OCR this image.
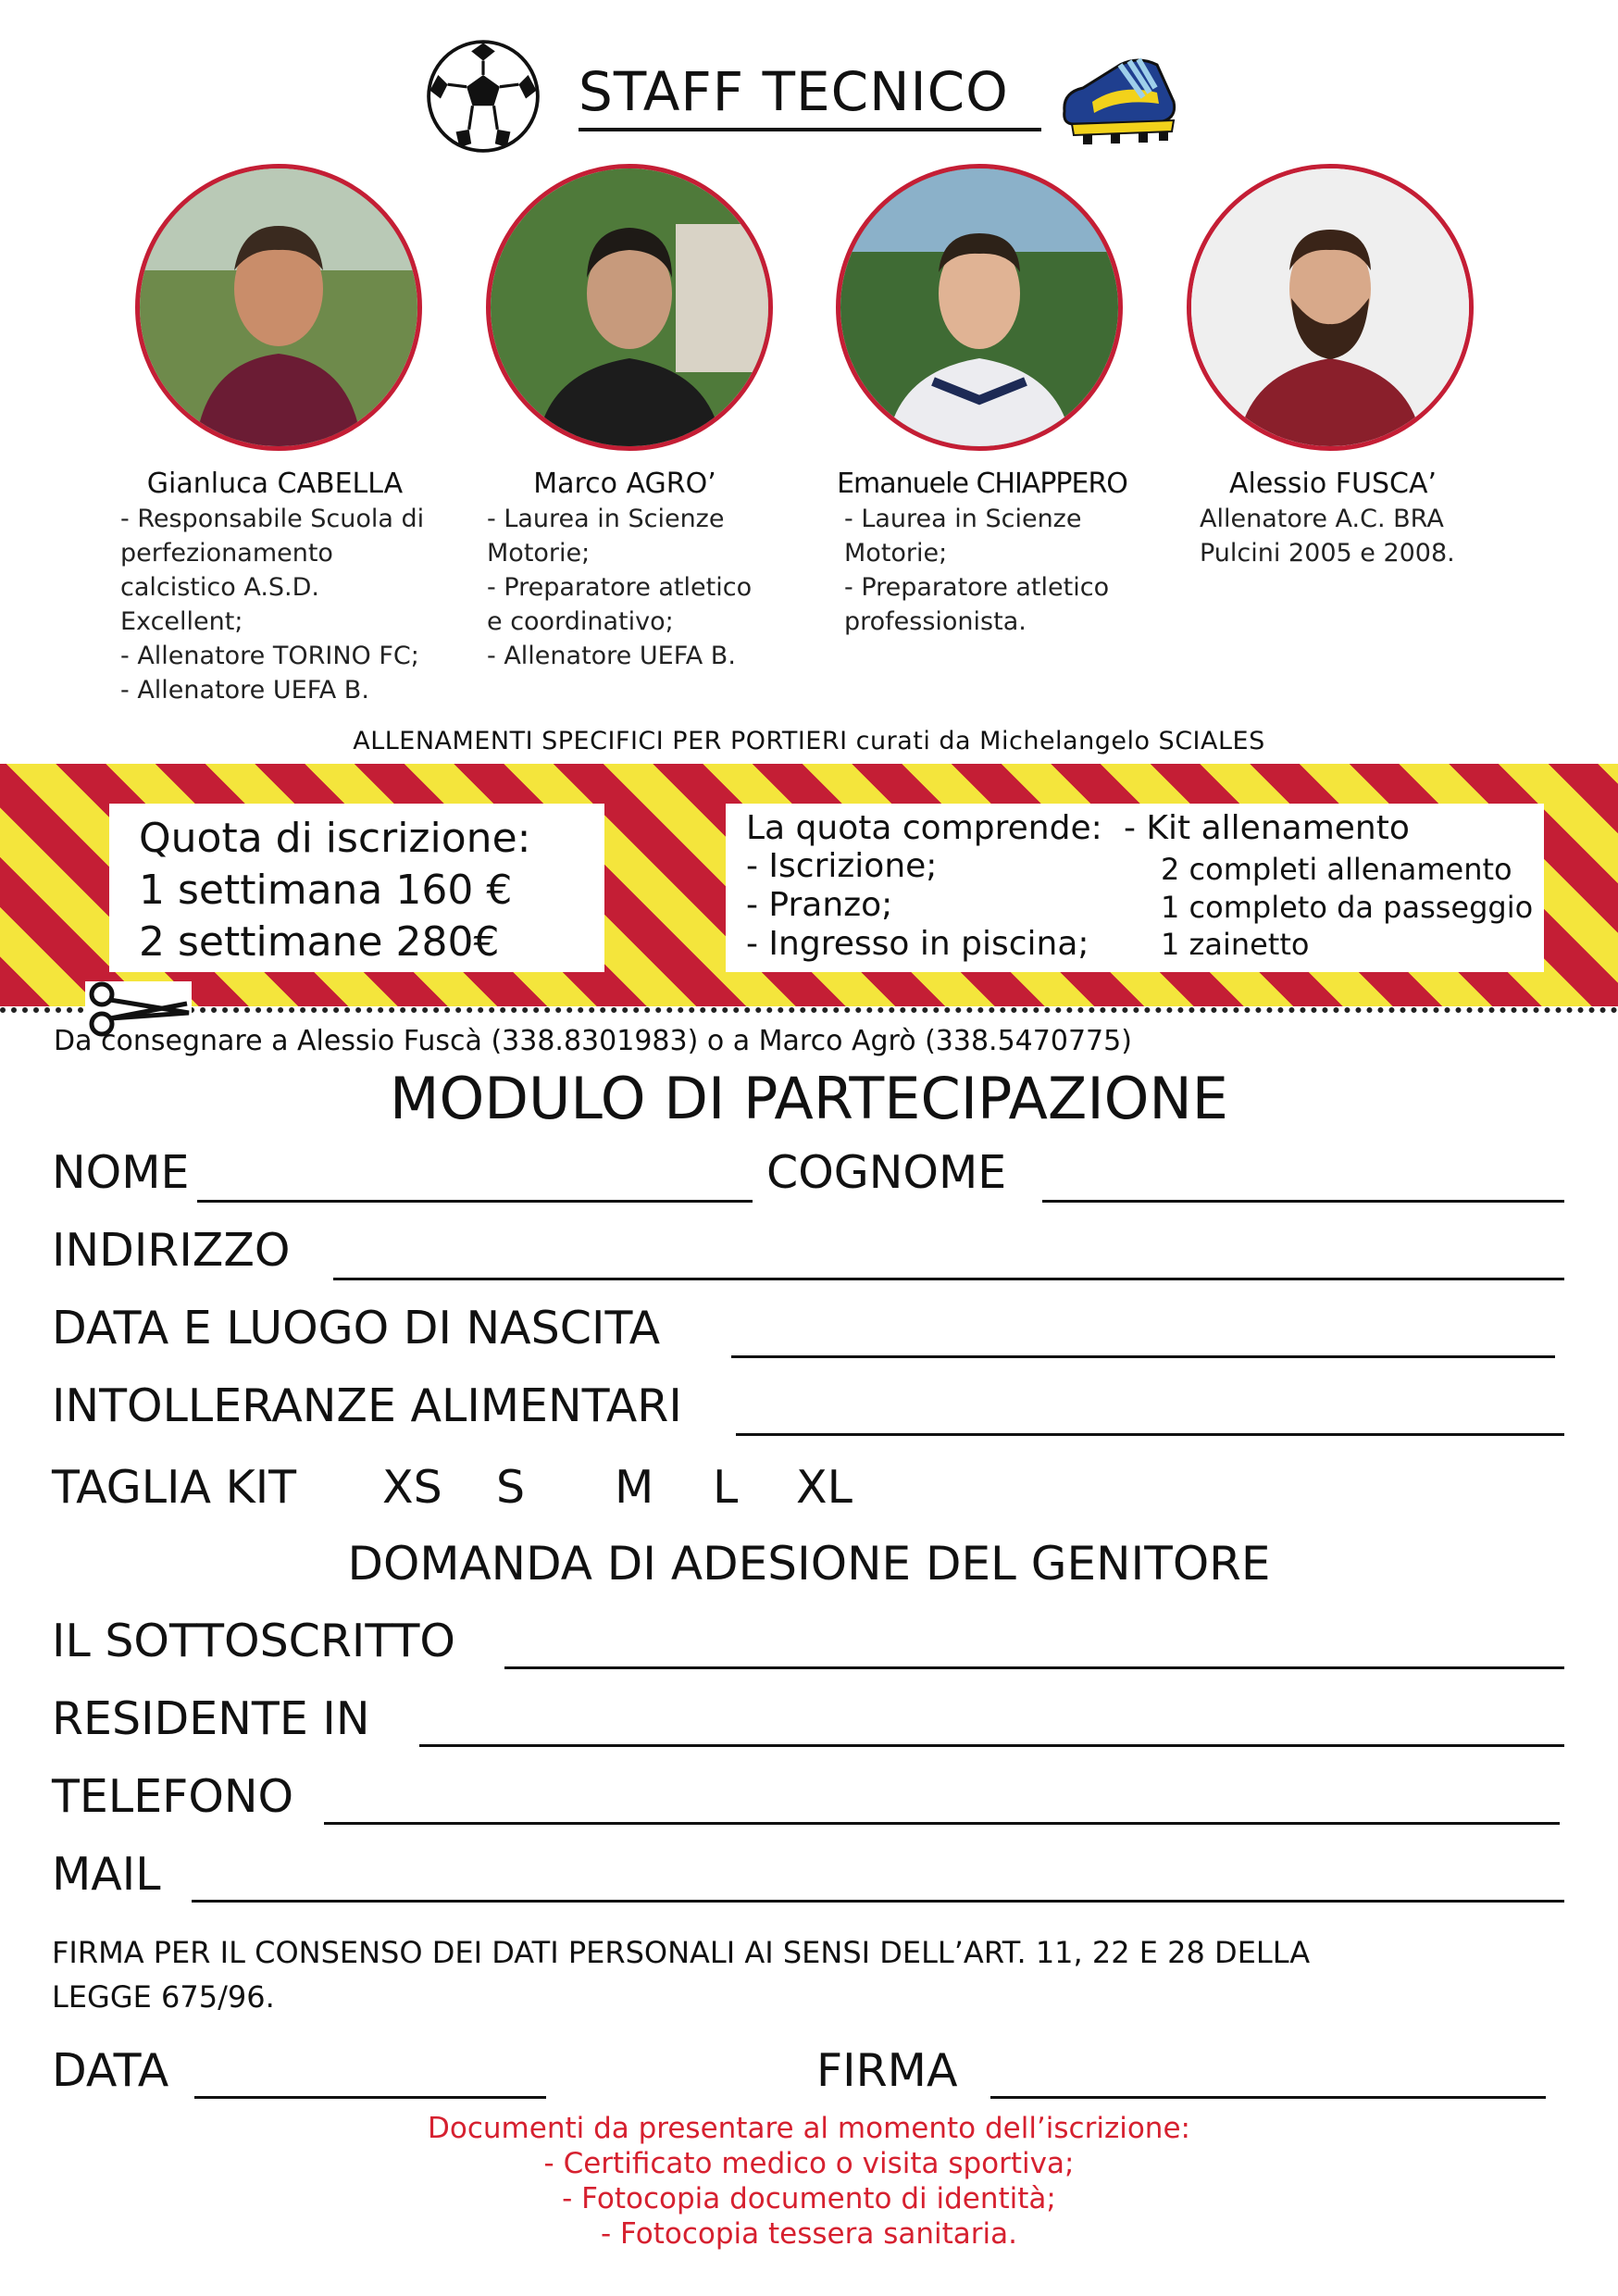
STAFF TECNICO
Gianluca CABELLA
- Responsabile Scuola di
perfezionamento
calcistico A.S.D.
Excellent;
- Allenatore TORINO FC;
- Allenatore UEFA B.
Marco AGRO’
- Laurea in Scienze
Motorie;
- Preparatore atletico
e coordinativo;
- Allenatore UEFA B.
Emanuele CHIAPPERO
- Laurea in Scienze
Motorie;
- Preparatore atletico
professionista.
Alessio FUSCA’
Allenatore A.C. BRA
Pulcini 2005 e 2008.
ALLENAMENTI SPECIFICI PER PORTIERI curati da Michelangelo SCIALES
Quota di iscrizione:
1 settimana 160 €
2 settimane 280€
La quota comprende:
- Iscrizione;
- Pranzo;
- Ingresso in piscina;
- Kit allenamento
2 completi allenamento
1 completo da passeggio
1 zainetto
Da consegnare a Alessio Fuscà (338.8301983) o a Marco Agrò (338.5470775)
MODULO DI PARTECIPAZIONE
NOME	COGNOME
INDIRIZZO
DATA E LUOGO DI NASCITA
INTOLLERANZE ALIMENTARI
TAGLIA KIT XS S M L XL
DOMANDA DI ADESIONE DEL GENITORE
IL SOTTOSCRITTO
RESIDENTE IN
TELEFONO
MAIL
FIRMA PER IL CONSENSO DEI DATI PERSONALI AI SENSI DELL’ART. 11, 22 E 28 DELLA
LEGGE 675/96.
DATA	FIRMA
Documenti da presentare al momento dell’iscrizione:
- Certificato medico o visita sportiva;
- Fotocopia documento di identità;
- Fotocopia tessera sanitaria.
